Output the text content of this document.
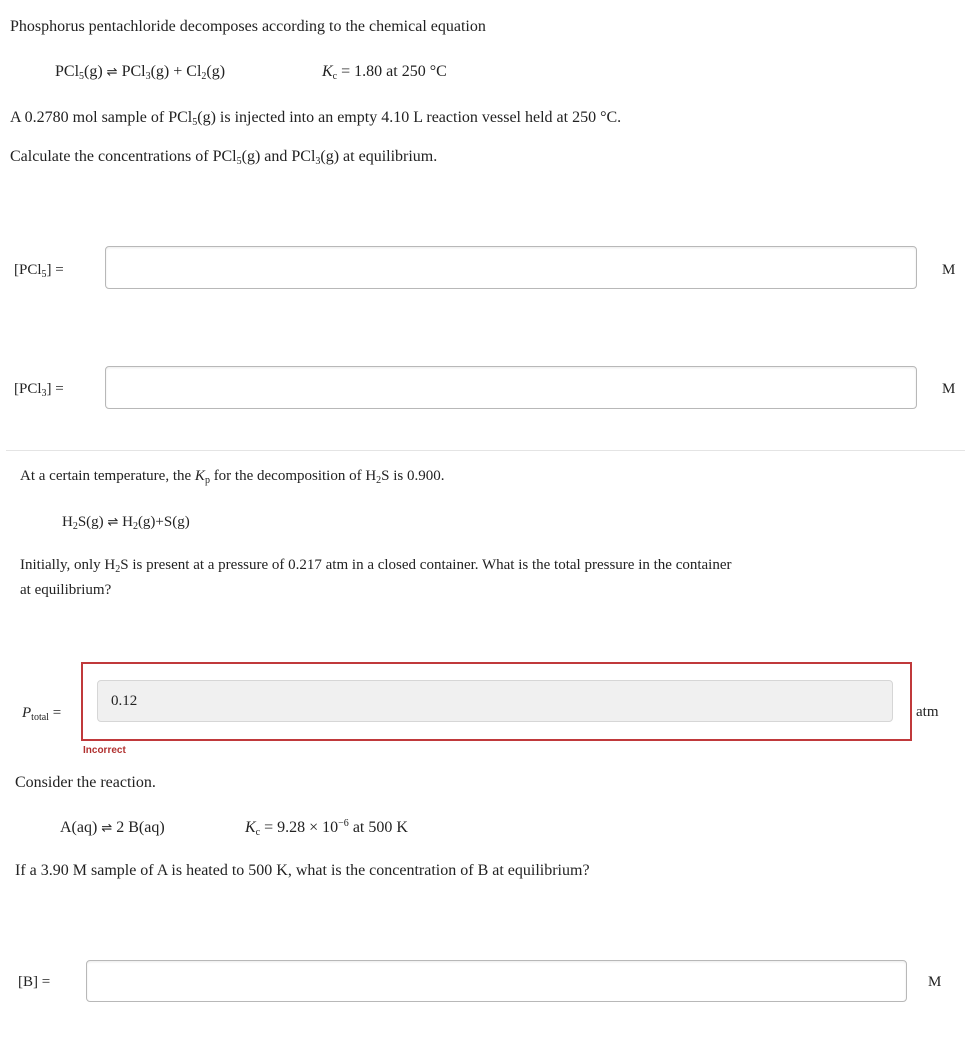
Phosphorus pentachloride decomposes according to the chemical equation
PCl$_5$(g) ⇌ $PCl_3(g) + Cl_2(g)$	$K_c = 1.80$ at 250 °C
A 0.2780 mol sample of PCl$_5$(g) is injected into an empty 4.10 L reaction vessel held at 250 °C.
Calculate the concentrations of PCl$_5$(g) and PCl$_3$(g) at equilibrium.
[PCl$_5$] =	M
[PCl$_3$] =	M
At a certain temperature, the $K_p$ for the decomposition of $H_2S$ is 0.900.
$H_2S(g)$ ⇌ $H_2(g)+S(g)$
Initially, only $H_2S$ is present at a pressure of 0.217 atm in a closed container. What is the total pressure in the container
at equilibrium?
$P_{total}$ =
0.12
atm
Incorrect
Consider the reaction.
A(aq) ⇌ 2 B(aq)	$K_c = 9.28 \times 10^{-6}$ at 500 K
If a 3.90 M sample of A is heated to 500 K, what is the concentration of B at equilibrium?
[B] =	M
